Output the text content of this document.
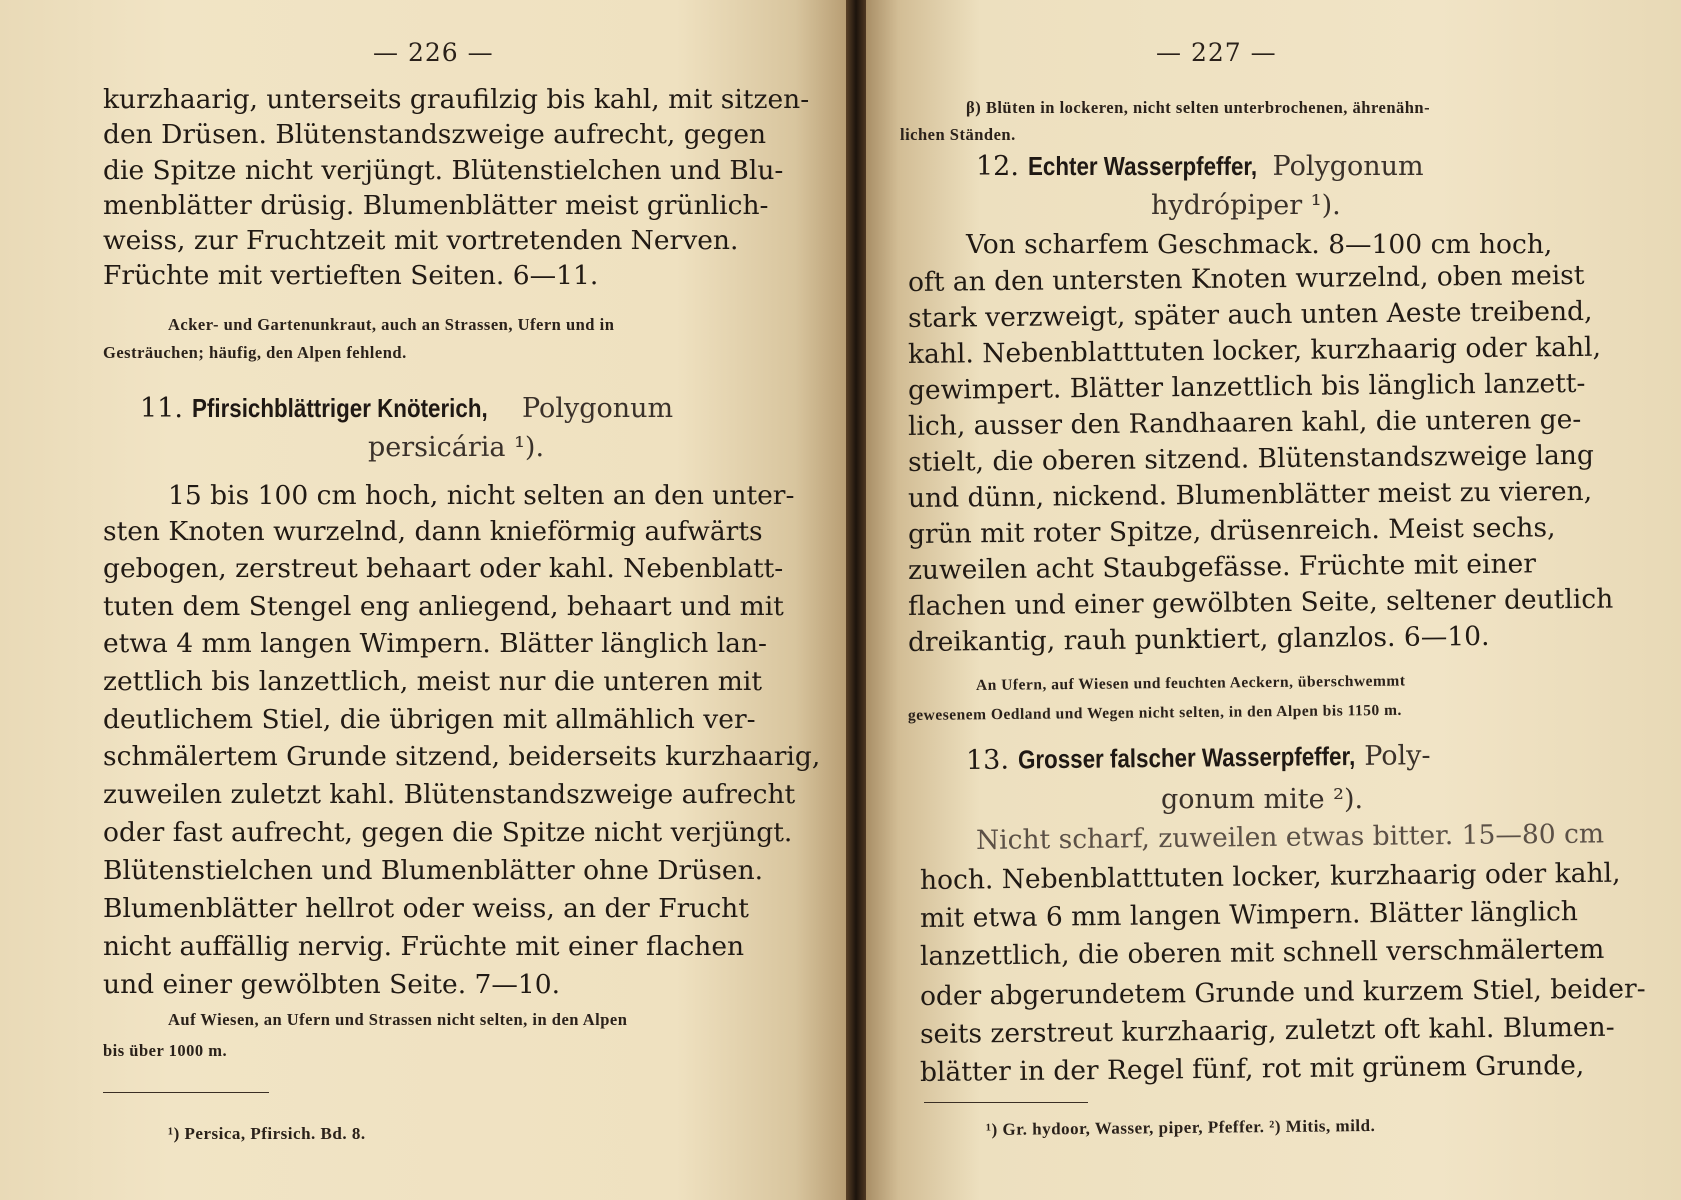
— 226 —
kurzhaarig, unterseits graufilzig bis kahl, mit sitzen-
den Drüsen. Blütenstandszweige aufrecht, gegen
die Spitze nicht verjüngt. Blütenstielchen und Blu-
menblätter drüsig. Blumenblätter meist grünlich-
weiss, zur Fruchtzeit mit vortretenden Nerven.
Früchte mit vertieften Seiten. 6—11.
Acker- und Gartenunkraut, auch an Strassen, Ufern und in
Gesträuchen; häufig, den Alpen fehlend.
11. Pfirsichblättriger Knöterich, Polygonum
persicária ¹).
15 bis 100 cm hoch, nicht selten an den unter-
sten Knoten wurzelnd, dann knieförmig aufwärts
gebogen, zerstreut behaart oder kahl. Nebenblatt-
tuten dem Stengel eng anliegend, behaart und mit
etwa 4 mm langen Wimpern. Blätter länglich lan-
zettlich bis lanzettlich, meist nur die unteren mit
deutlichem Stiel, die übrigen mit allmählich ver-
schmälertem Grunde sitzend, beiderseits kurzhaarig,
zuweilen zuletzt kahl. Blütenstandszweige aufrecht
oder fast aufrecht, gegen die Spitze nicht verjüngt.
Blütenstielchen und Blumenblätter ohne Drüsen.
Blumenblätter hellrot oder weiss, an der Frucht
nicht auffällig nervig. Früchte mit einer flachen
und einer gewölbten Seite. 7—10.
Auf Wiesen, an Ufern und Strassen nicht selten, in den Alpen
bis über 1000 m.
¹) Persica, Pfirsich. Bd. 8.
— 227 —
β) Blüten in lockeren, nicht selten unterbrochenen, ährenähn-
lichen Ständen.
12. Echter Wasserpfeffer, Polygonum
hydrópiper ¹).
Von scharfem Geschmack. 8—100 cm hoch,
oft an den untersten Knoten wurzelnd, oben meist
stark verzweigt, später auch unten Aeste treibend,
kahl. Nebenblatttuten locker, kurzhaarig oder kahl,
gewimpert. Blätter lanzettlich bis länglich lanzett-
lich, ausser den Randhaaren kahl, die unteren ge-
stielt, die oberen sitzend. Blütenstandszweige lang
und dünn, nickend. Blumenblätter meist zu vieren,
grün mit roter Spitze, drüsenreich. Meist sechs,
zuweilen acht Staubgefässe. Früchte mit einer
flachen und einer gewölbten Seite, seltener deutlich
dreikantig, rauh punktiert, glanzlos. 6—10.
An Ufern, auf Wiesen und feuchten Aeckern, überschwemmt
gewesenem Oedland und Wegen nicht selten, in den Alpen bis 1150 m.
13. Grosser falscher Wasserpfeffer, Poly-
gonum mite ²).
Nicht scharf, zuweilen etwas bitter. 15—80 cm
hoch. Nebenblatttuten locker, kurzhaarig oder kahl,
mit etwa 6 mm langen Wimpern. Blätter länglich
lanzettlich, die oberen mit schnell verschmälertem
oder abgerundetem Grunde und kurzem Stiel, beider-
seits zerstreut kurzhaarig, zuletzt oft kahl. Blumen-
blätter in der Regel fünf, rot mit grünem Grunde,
¹) Gr. hydoor, Wasser, piper, Pfeffer. ²) Mitis, mild.
